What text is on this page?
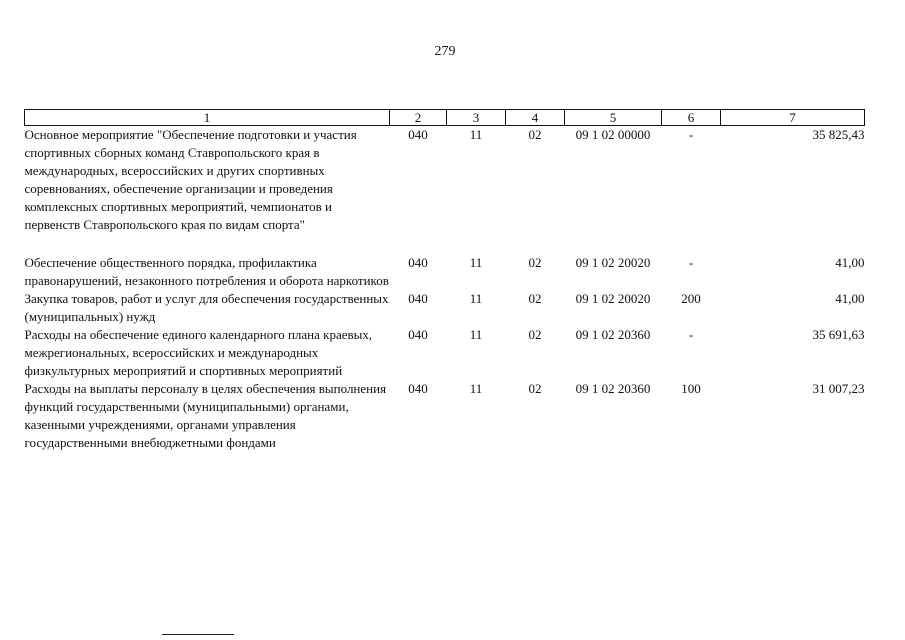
279
1	2	3	4	5	6	7
Основное мероприятие "Обеспечение подготовки и участия спортивных сборных команд Ставропольского края в международных, всероссийских и других спортивных соревнованиях, обеспечение организации и проведения комплексных спортивных мероприятий, чемпионатов и первенств Ставропольского края по видам спорта"	040	11	02	09 1 02 00000	-	35 825,43

Обеспечение общественного порядка, профилактика правонарушений, незаконного потребления и оборота наркотиков	040	11	02	09 1 02 20020	-	41,00
Закупка товаров, работ и услуг для обеспечения государственных (муниципальных) нужд	040	11	02	09 1 02 20020	200	41,00
Расходы на обеспечение единого календарного плана краевых, межрегиональных, всероссийских и международных физкультурных мероприятий и спортивных мероприятий	040	11	02	09 1 02 20360	-	35 691,63
Расходы на выплаты персоналу в целях обеспечения выполнения функций государственными (муниципальными) органами, казенными учреждениями, органами управления государственными внебюджетными фондами	040	11	02	09 1 02 20360	100	31 007,23
